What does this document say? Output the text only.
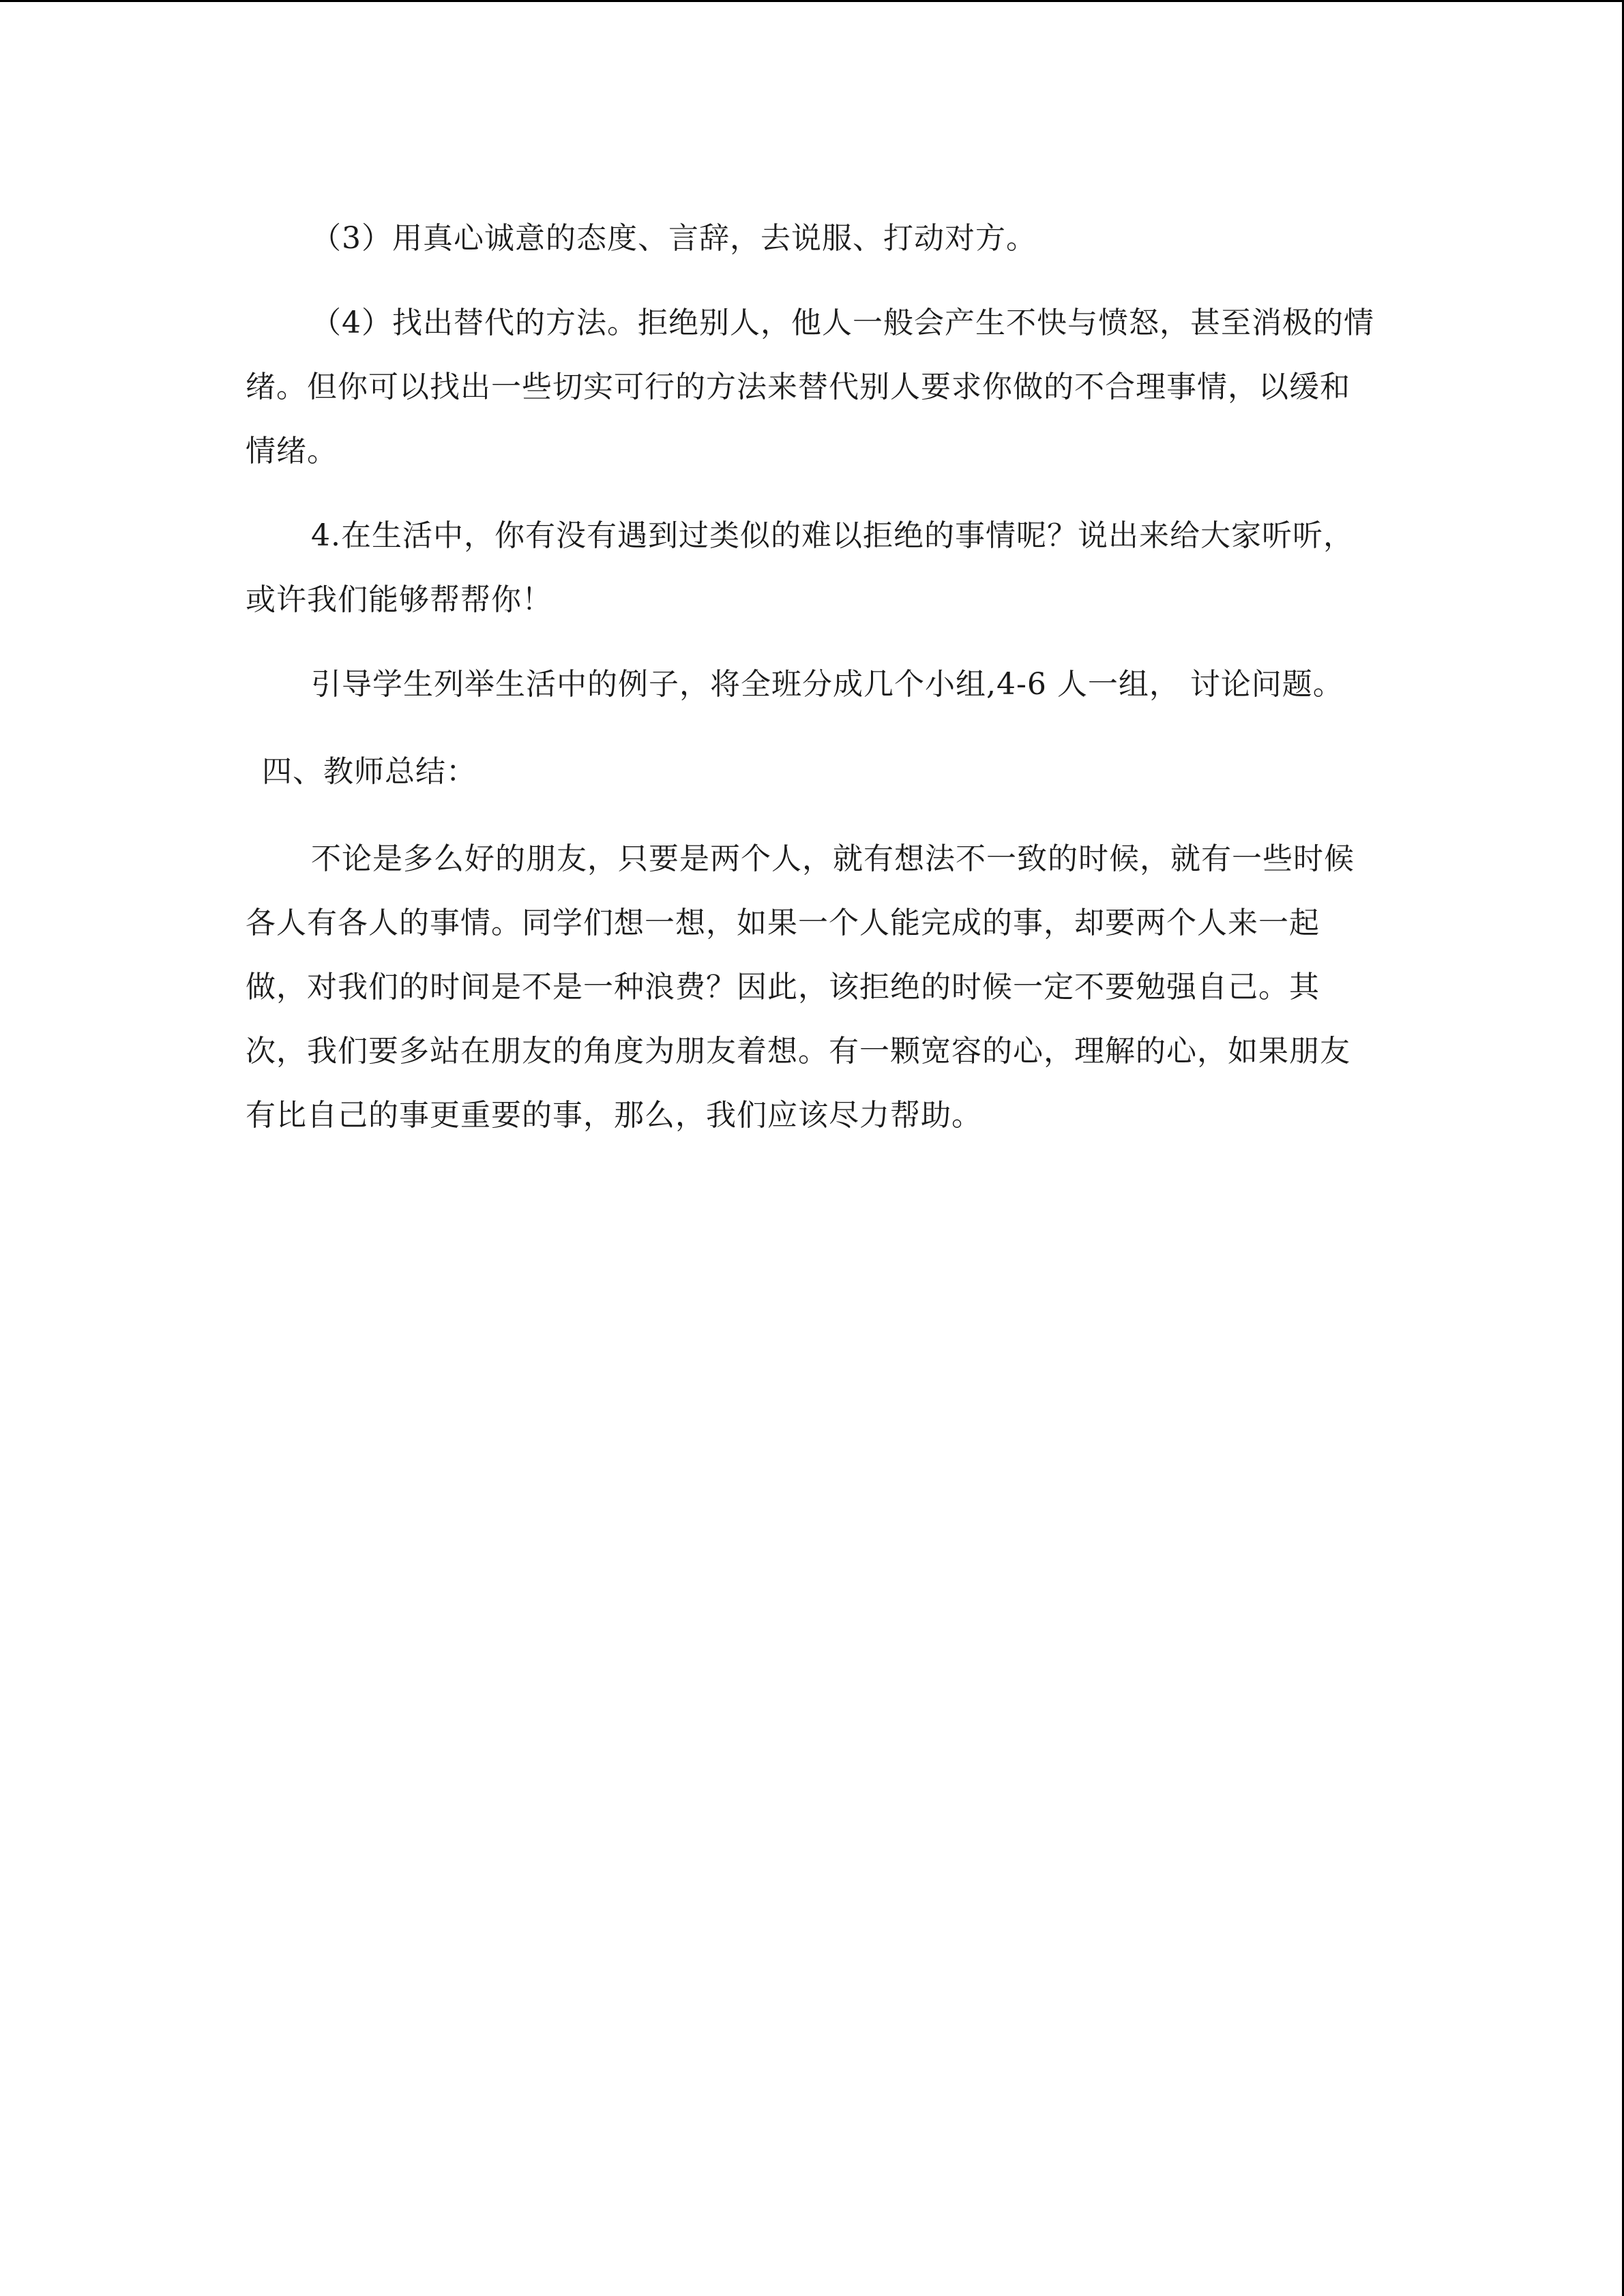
（3）用真心诚意的态度、言辞，去说服、打动对方。

（4）找出替代的方法。拒绝别人，他人一般会产生不快与愤怒，甚至消极的情绪。但你可以找出一些切实可行的方法来替代别人要求你做的不合理事情，以缓和情绪。

4.在生活中，你有没有遇到过类似的难以拒绝的事情呢？说出来给大家听听，或许我们能够帮帮你！

引导学生列举生活中的例子，将全班分成几个小组,4-6 人一组， 讨论问题。

四、教师总结：

不论是多么好的朋友，只要是两个人，就有想法不一致的时候，就有一些时候各人有各人的事情。同学们想一想，如果一个人能完成的事，却要两个人来一起做，对我们的时间是不是一种浪费？因此，该拒绝的时候一定不要勉强自己。其次，我们要多站在朋友的角度为朋友着想。有一颗宽容的心，理解的心，如果朋友有比自己的事更重要的事，那么，我们应该尽力帮助。
